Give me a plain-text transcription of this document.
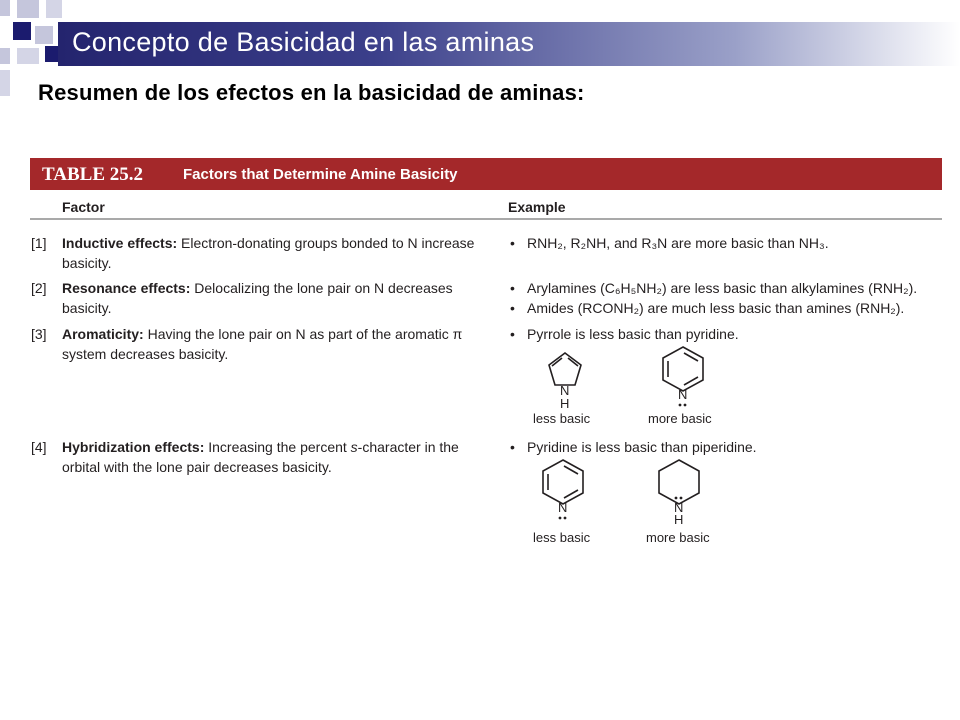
Concepto de Basicidad en las aminas
Resumen de los efectos en la basicidad de aminas:
TABLE 25.2	Factors that Determine Amine Basicity
Factor	Example
[1] Inductive effects: Electron-donating groups bonded to N increase basicity.
• RNH₂, R₂NH, and R₃N are more basic than NH₃.
[2] Resonance effects: Delocalizing the lone pair on N decreases basicity.
• Arylamines (C₆H₅NH₂) are less basic than alkylamines (RNH₂).
• Amides (RCONH₂) are much less basic than amines (RNH₂).
[3] Aromaticity: Having the lone pair on N as part of the aromatic π system decreases basicity.
• Pyrrole is less basic than pyridine.
N
H
less basic
N
more basic
[4] Hybridization effects: Increasing the percent s-character in the orbital with the lone pair decreases basicity.
• Pyridine is less basic than piperidine.
N
less basic
N
H
more basic
